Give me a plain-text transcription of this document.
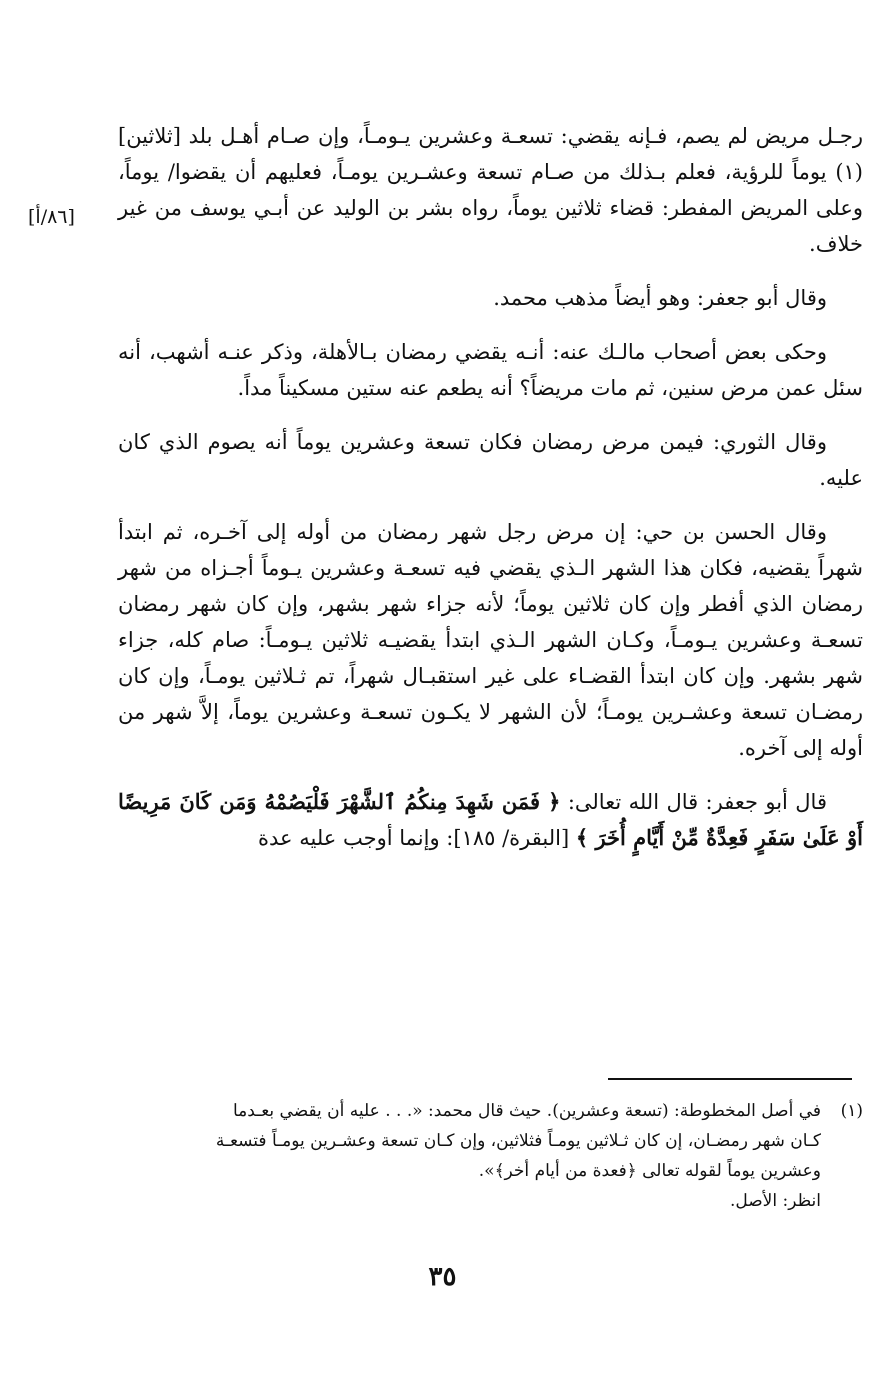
[٨٦/أ]

رجـل مريض لم يصم، فـإنه يقضي: تسعـة وعشرين يـومـاً، وإن صـام أهـل بلد [ثلاثين](١) يوماً للرؤية، فعلم بـذلك من صـام تسعة وعشـرين يومـاً، فعليهم أن يقضوا/ يوماً، وعلى المريض المفطر: قضاء ثلاثين يوماً، رواه بشر بن الوليد عن أبـي يوسف من غير خلاف.

وقال أبو جعفر: وهو أيضاً مذهب محمد.

وحكى بعض أصحاب مالـك عنه: أنـه يقضي رمضان بـالأهلة، وذكر عنـه أشهب، أنه سئل عمن مرض سنين، ثم مات مريضاً؟ أنه يطعم عنه ستين مسكيناً مداً.

وقال الثوري: فيمن مرض رمضان فكان تسعة وعشرين يوماً أنه يصوم الذي كان عليه.

وقال الحسن بن حي: إن مرض رجل شهر رمضان من أوله إلى آخـره، ثم ابتدأ شهراً يقضيه، فكان هذا الشهر الـذي يقضي فيه تسعـة وعشرين يـوماً أجـزاه من شهر رمضان الذي أفطر وإن كان ثلاثين يوماً؛ لأنه جزاء شهر بشهر، وإن كان شهر رمضان تسعـة وعشرين يـومـاً، وكـان الشهر الـذي ابتدأ يقضيـه ثلاثين يـومـاً: صام كله، جزاء شهر بشهر. وإن كان ابتدأ القضـاء على غير استقبـال شهراً، تم ثـلاثين يومـاً، وإن كان رمضـان تسعة وعشـرين يومـاً؛ لأن الشهر لا يكـون تسعـة وعشرين يوماً، إلاَّ شهر من أوله إلى آخره.

قال أبو جعفر: قال الله تعالى: ﴿ فَمَن شَهِدَ مِنكُمُ ٱلشَّهْرَ فَلْيَصُمْهُ وَمَن كَانَ مَرِيضًا أَوْ عَلَىٰ سَفَرٍ فَعِدَّةٌ مِّنْ أَيَّامٍ أُخَرَ ﴾ [البقرة/ ١٨٥]: وإنما أوجب عليه عدة

(١)
في أصل المخطوطة: (تسعة وعشرين). حيث قال محمد: «. . . عليه أن يقضي بعـدما
كـان شهر رمضـان، إن كان ثـلاثين يومـاً فثلاثين، وإن كـان تسعة وعشـرين يومـاً فتسعـة
وعشرين يوماً لقوله تعالى ﴿فعدة من أيام أخر﴾».
انظر: الأصل.
٣٥
